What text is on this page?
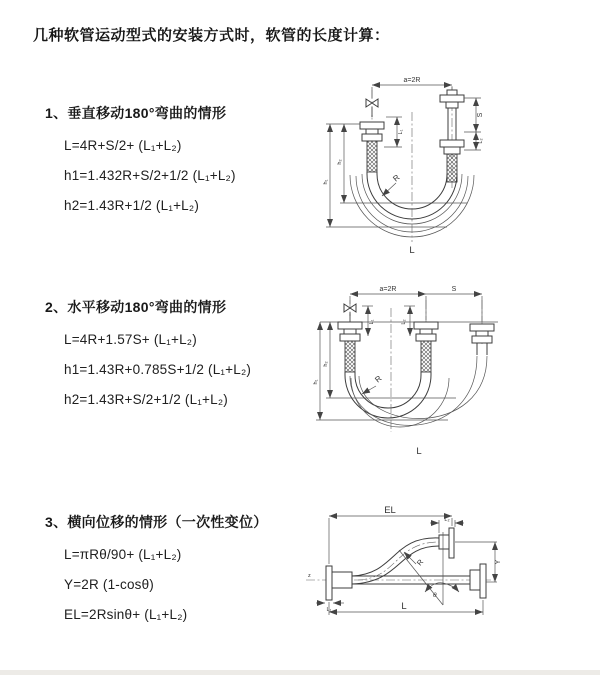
几种软管运动型式的安装方式时，软管的长度计算：
1、垂直移动180°弯曲的情形
L=4R+S/2+ (L₁+L₂)
h1=1.432R+S/2+1/2 (L₁+L₂)
h2=1.43R+1/2 (L₁+L₂)
a=2R
S
L₂
L₁
h₂
h₁	R
L
2、水平移动180°弯曲的情形
L=4R+1.57S+ (L₁+L₂)
h1=1.43R+0.785S+1/2 (L₁+L₂)
h2=1.43R+S/2+1/2 (L₁+L₂)
a=2R	S
L₁	L₂
h₂
h₁	R
L
3、横向位移的情形（一次性变位）
L=πRθ/90+ (L₁+L₂)
Y=2R (1-cosθ)
EL=2Rsinθ+ (L₁+L₂)
EL
L₂
z
Y
θ
R
L₁	L
